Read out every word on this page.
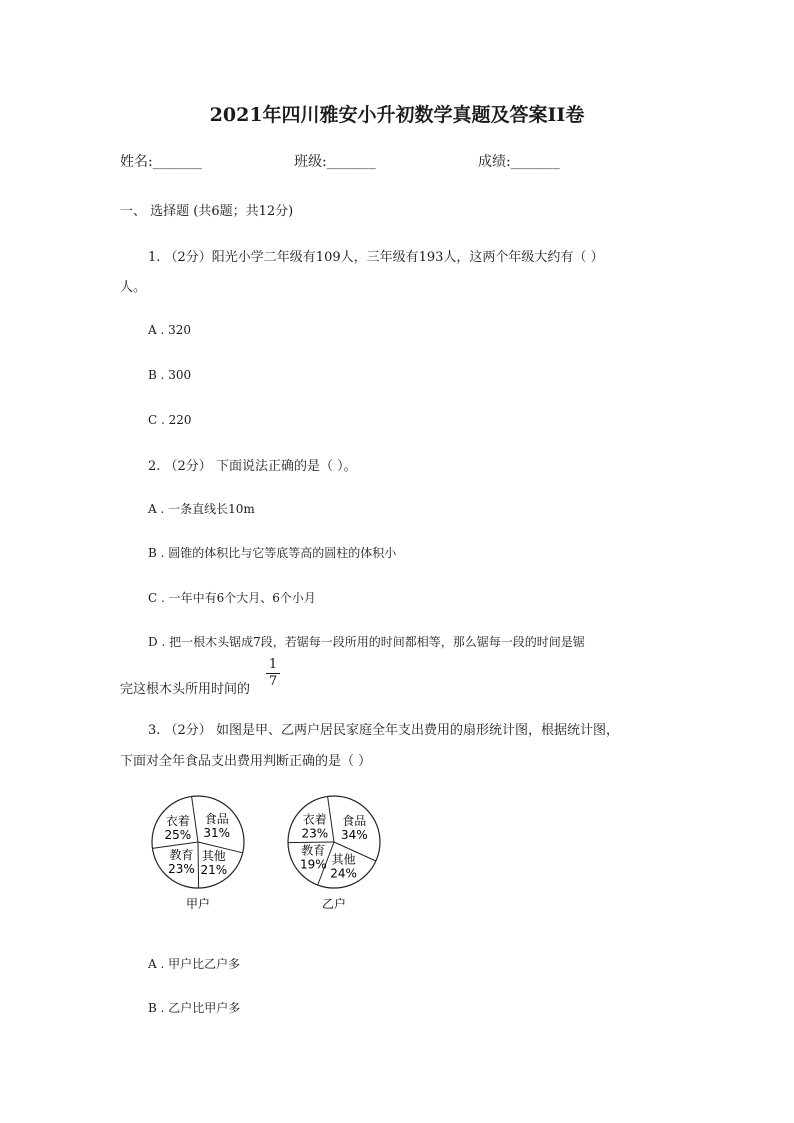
2021年四川雅安小升初数学真题及答案II卷
姓名:_______	班级:_______	成绩:_______
一、 选择题 (共6题；共12分)
1. （2分）阳光小学二年级有109人，三年级有193人，这两个年级大约有（ ）
人。
A . 320
B . 300
C . 220
2. （2分） 下面说法正确的是（ ）。
A . 一条直线长10m
B . 圆锥的体积比与它等底等高的圆柱的体积小
C . 一年中有6个大月、6个小月
D . 把一根木头锯成7段，若锯每一段所用的时间都相等，那么锯每一段的时间是锯
完这根木头所用时间的
1
7
3. （2分） 如图是甲、乙两户居民家庭全年支出费用的扇形统计图，根据统计图，
下面对全年食品支出费用判断正确的是（ ）
食品
31%
其他
21%
教育
23%
衣着
25%
甲户
食品
34%
其他
24%
教育
19%
衣着
23%
乙户
A . 甲户比乙户多
B . 乙户比甲户多
